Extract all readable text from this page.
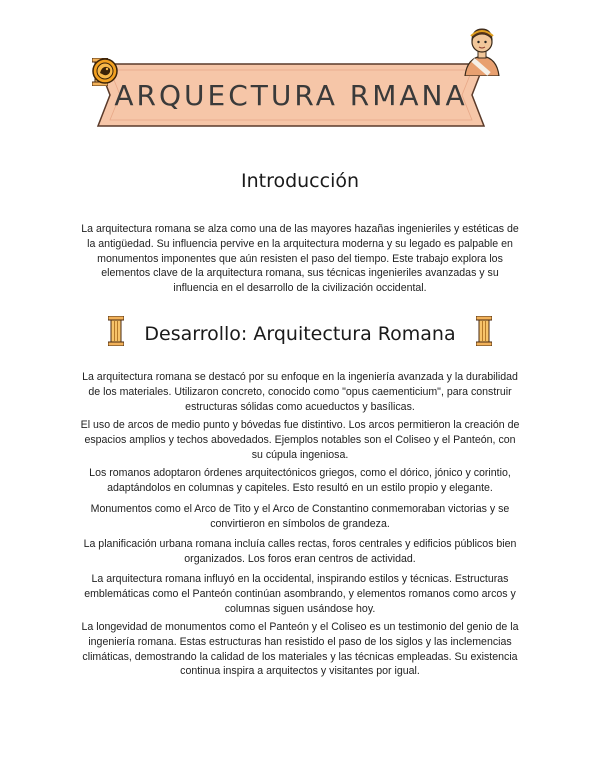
ARQU ECTURA R MANA
Introducción

La arquitectura romana se alza como una de las mayores hazañas ingenieriles y estéticas de la antigüedad. Su influencia pervive en la arquitectura moderna y su legado es palpable en monumentos imponentes que aún resisten el paso del tiempo. Este trabajo explora los elementos clave de la arquitectura romana, sus técnicas ingenieriles avanzadas y su influencia en el desarrollo de la civilización occidental.

Desarrollo: Arquitectura Romana

La arquitectura romana se destacó por su enfoque en la ingeniería avanzada y la durabilidad de los materiales. Utilizaron concreto, conocido como "opus caementicium", para construir estructuras sólidas como acueductos y basílicas.

El uso de arcos de medio punto y bóvedas fue distintivo. Los arcos permitieron la creación de espacios amplios y techos abovedados. Ejemplos notables son el Coliseo y el Panteón, con su cúpula ingeniosa.

Los romanos adoptaron órdenes arquitectónicos griegos, como el dórico, jónico y corintio, adaptándolos en columnas y capiteles. Esto resultó en un estilo propio y elegante.

Monumentos como el Arco de Tito y el Arco de Constantino conmemoraban victorias y se convirtieron en símbolos de grandeza.

La planificación urbana romana incluía calles rectas, foros centrales y edificios públicos bien organizados. Los foros eran centros de actividad.

La arquitectura romana influyó en la occidental, inspirando estilos y técnicas. Estructuras emblemáticas como el Panteón continúan asombrando, y elementos romanos como arcos y columnas siguen usándose hoy.

La longevidad de monumentos como el Panteón y el Coliseo es un testimonio del genio de la ingeniería romana. Estas estructuras han resistido el paso de los siglos y las inclemencias climáticas, demostrando la calidad de los materiales y las técnicas empleadas. Su existencia continua inspira a arquitectos y visitantes por igual.
